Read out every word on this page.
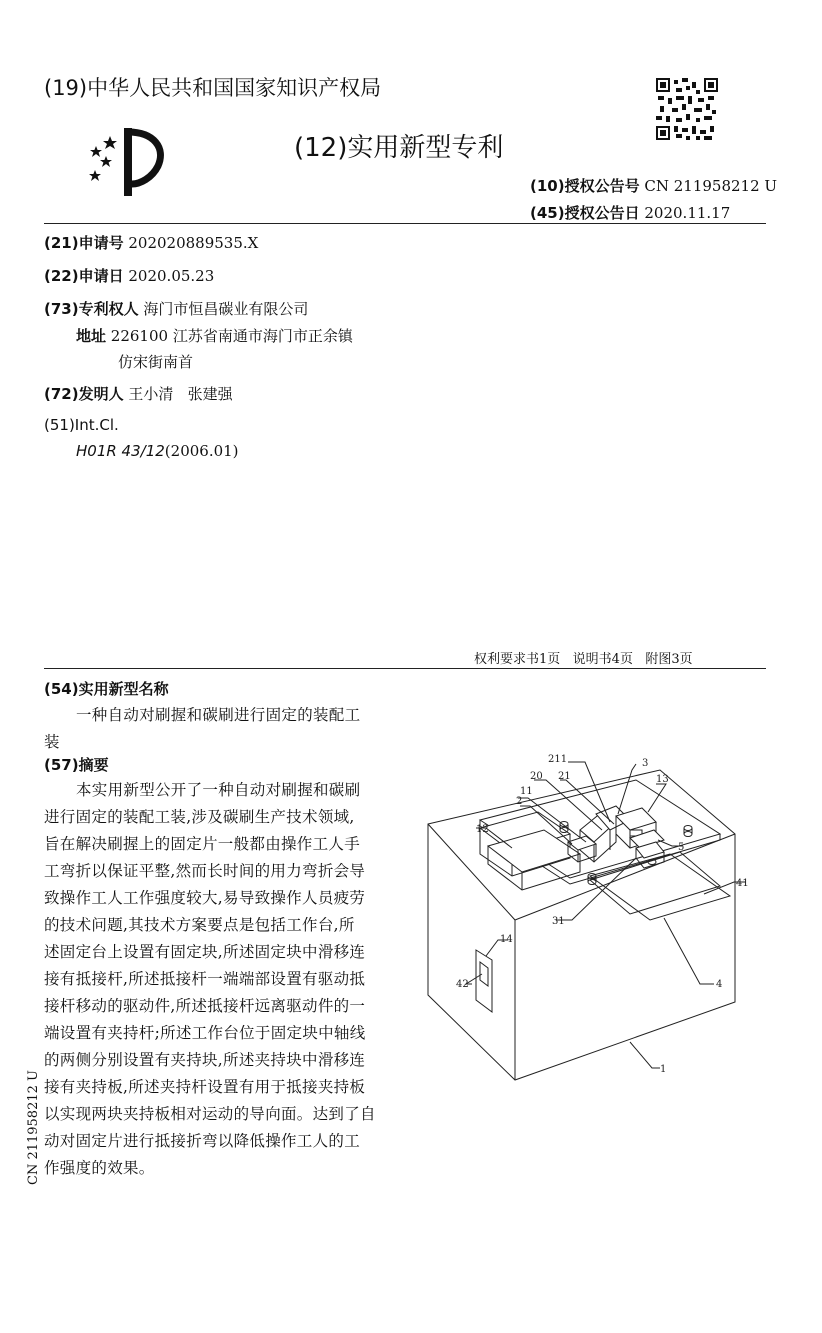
(19)中华人民共和国国家知识产权局
(12)实用新型专利
(10)授权公告号 CN 211958212 U
(45)授权公告日 2020.11.17
(21)申请号 202020889535.X
(22)申请日 2020.05.23
(73)专利权人 海门市恒昌碳业有限公司
地址 226100 江苏省南通市海门市正余镇
仿宋街南首
(72)发明人 王小清   张建强
(51)Int.Cl.
H01R 43/12(2006.01)
权利要求书1页   说明书4页   附图3页
(54)实用新型名称
一种自动对刷握和碳刷进行固定的装配工
装
(57)摘要

本实用新型公开了一种自动对刷握和碳刷

进行固定的装配工装,涉及碳刷生产技术领域,

旨在解决刷握上的固定片一般都由操作工人手

工弯折以保证平整,然而长时间的用力弯折会导

致操作工人工作强度较大,易导致操作人员疲劳

的技术问题,其技术方案要点是包括工作台,所

述固定台上设置有固定块,所述固定块中滑移连

接有抵接杆,所述抵接杆一端端部设置有驱动抵

接杆移动的驱动件,所述抵接杆远离驱动件的一

端设置有夹持杆;所述工作台位于固定块中轴线

的两侧分别设置有夹持块,所述夹持块中滑移连

接有夹持板,所述夹持杆设置有用于抵接夹持板

以实现两块夹持板相对运动的导向面。达到了自

动对固定片进行抵接折弯以降低操作工人的工

作强度的效果。

CN 211958212 U
211	3
20 21	13
11
2
12
5
41
31
4
14
42
1
